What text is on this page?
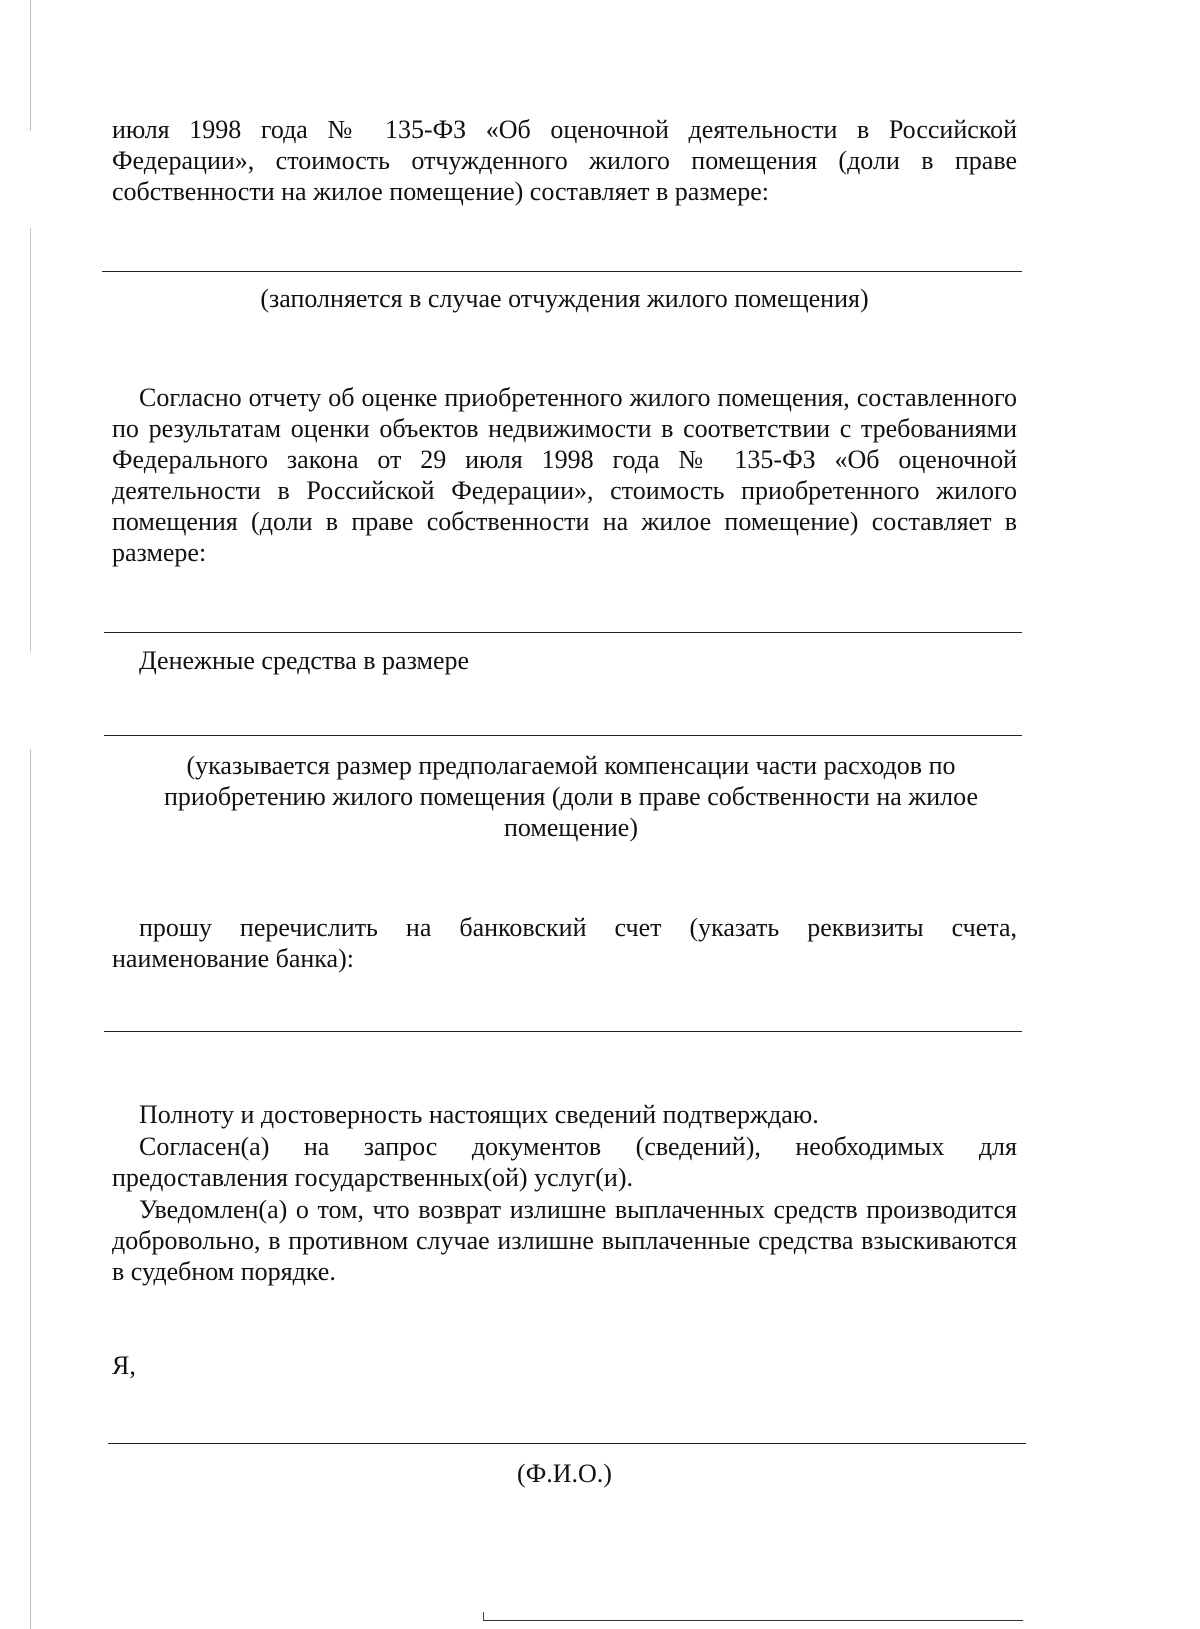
июля 1998 года № 135-ФЗ «Об оценочной деятельности в Российской Федерации», стоимость отчужденного жилого помещения (доли в праве собственности на жилое помещение) составляет в размере:

(заполняется в случае отчуждения жилого помещения)

Согласно отчету об оценке приобретенного жилого помещения, составленного по результатам оценки объектов недвижимости в соответствии с требованиями Федерального закона от 29 июля 1998 года № 135-ФЗ «Об оценочной деятельности в Российской Федерации», стоимость приобретенного жилого помещения (доли в праве собственности на жилое помещение) составляет в размере:

Денежные средства в размере

(указывается размер предполагаемой компенсации части расходов по приобретению жилого помещения (доли в праве собственности на жилое помещение)

прошу перечислить на банковский счет (указать реквизиты счета, наименование банка):

Полноту и достоверность настоящих сведений подтверждаю.

Согласен(а) на запрос документов (сведений), необходимых для предоставления государственных(ой) услуг(и).

Уведомлен(а) о том, что возврат излишне выплаченных средств производится добровольно, в противном случае излишне выплаченные средства взыскиваются в судебном порядке.

Я,

(Ф.И.О.)
